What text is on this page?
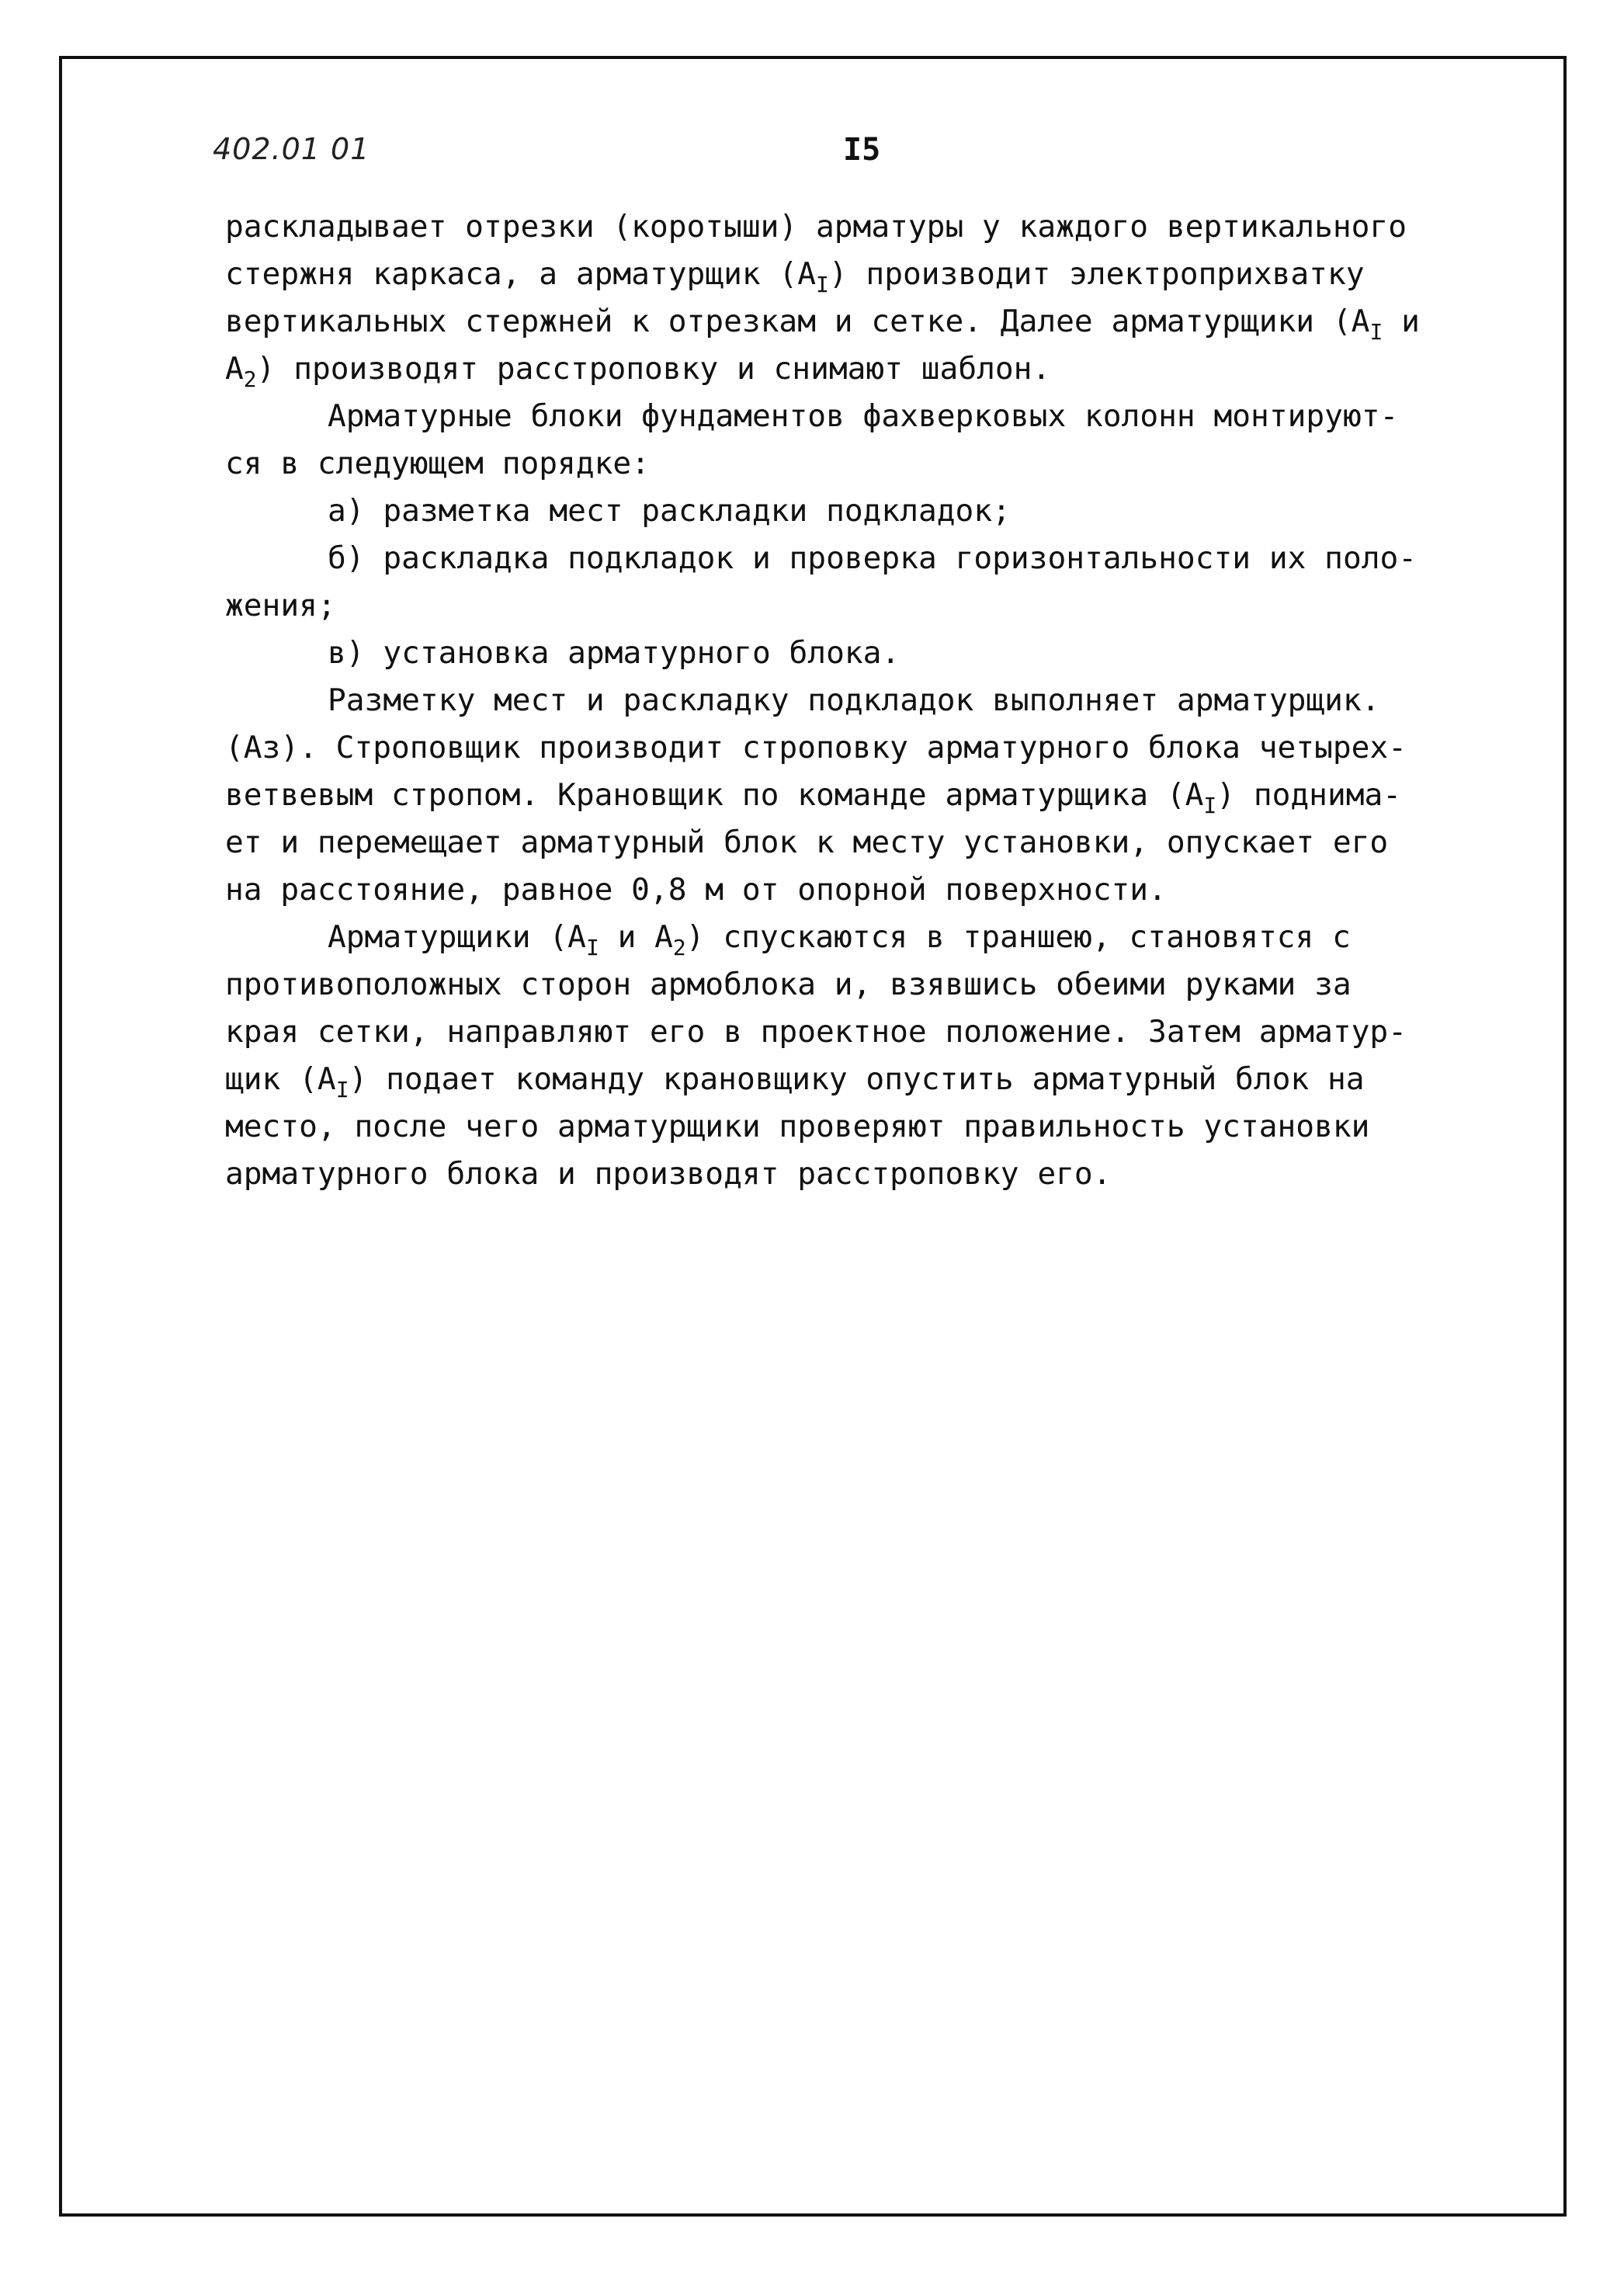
402.01 01	I5
раскладывает отрезки (коротыши) арматуры у каждого вертикального
стержня каркаса, а арматурщик $(А_I)$ производит электроприхватку
вертикальных стержней к отрезкам и сетке. Далее арматурщики ($А_I$ и
$А_2$) производят расстроповку и снимают шаблон.
Арматурные блоки фундаментов фахверковых колонн монтируют-
ся в следующем порядке:
а) разметка мест раскладки подкладок;
б) раскладка подкладок и проверка горизонтальности их поло-
жения;
в) установка арматурного блока.
Разметку мест и раскладку подкладок выполняет арматурщик.
(Аз). Строповщик производит строповку арматурного блока четырех-
ветвевым стропом. Крановщик по команде арматурщика $(А_I)$ поднима-
ет и перемещает арматурный блок к месту установки, опускает его
на расстояние, равное 0,8 м от опорной поверхности.
Арматурщики ($А_I$ и $А_2$) спускаются в траншею, становятся с
противоположных сторон армоблока и, взявшись обеими руками за
края сетки, направляют его в проектное положение. Затем арматур-
щик $(А_I)$ подает команду крановщику опустить арматурный блок на
место, после чего арматурщики проверяют правильность установки
арматурного блока и производят расстроповку его.
